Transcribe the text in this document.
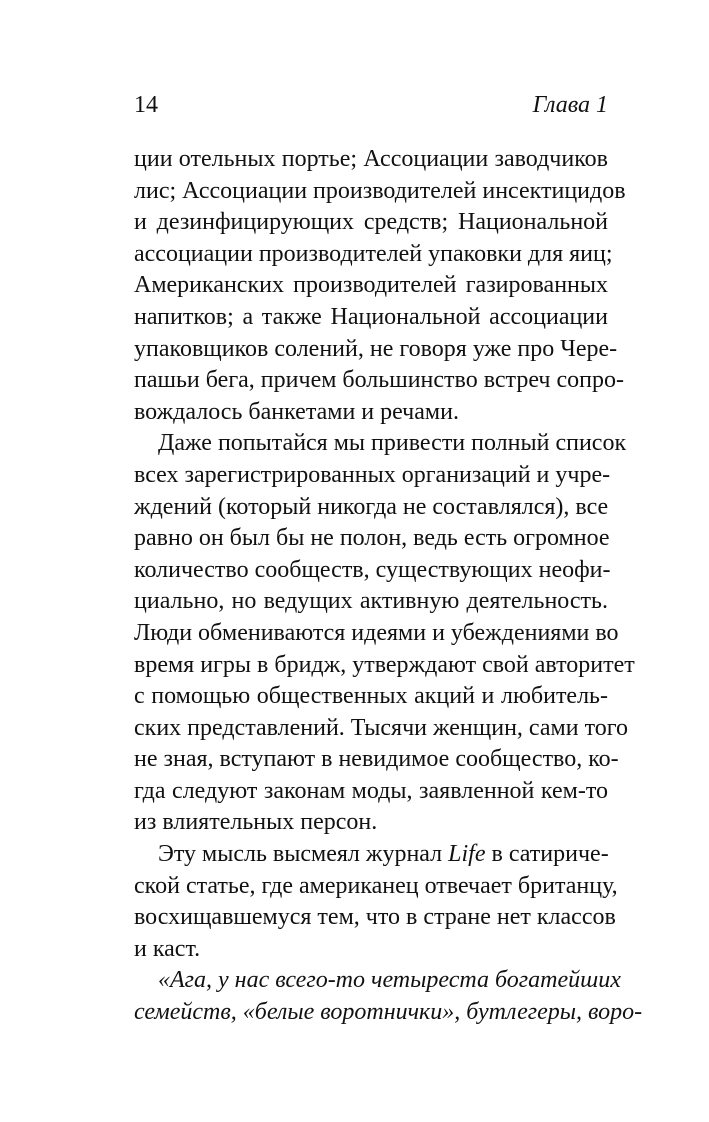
14	Глава 1
ции отельных портье; Ассоциации заводчиков
лис; Ассоциации производителей инсектицидов
и дезинфицирующих средств; Национальной
ассоциации производителей упаковки для яиц;
Американских производителей газированных
напитков; а также Национальной ассоциации
упаковщиков солений, не говоря уже про Чере-
пашьи бега, причем большинство встреч сопро-
вождалось банкетами и речами.
Даже попытайся мы привести полный список
всех зарегистрированных организаций и учре-
ждений (который никогда не составлялся), все
равно он был бы не полон, ведь есть огромное
количество сообществ, существующих неофи-
циально, но ведущих активную деятельность.
Люди обмениваются идеями и убеждениями во
время игры в бридж, утверждают свой авторитет
с помощью общественных акций и любитель-
ских представлений. Тысячи женщин, сами того
не зная, вступают в невидимое сообщество, ко-
гда следуют законам моды, заявленной кем-то
из влиятельных персон.
Эту мысль высмеял журнал Life в сатириче-
ской статье, где американец отвечает британцу,
восхищавшемуся тем, что в стране нет классов
и каст.
«Ага, у нас всего-то четыреста богатейших
семейств, «белые воротнички», бутлегеры, воро-
